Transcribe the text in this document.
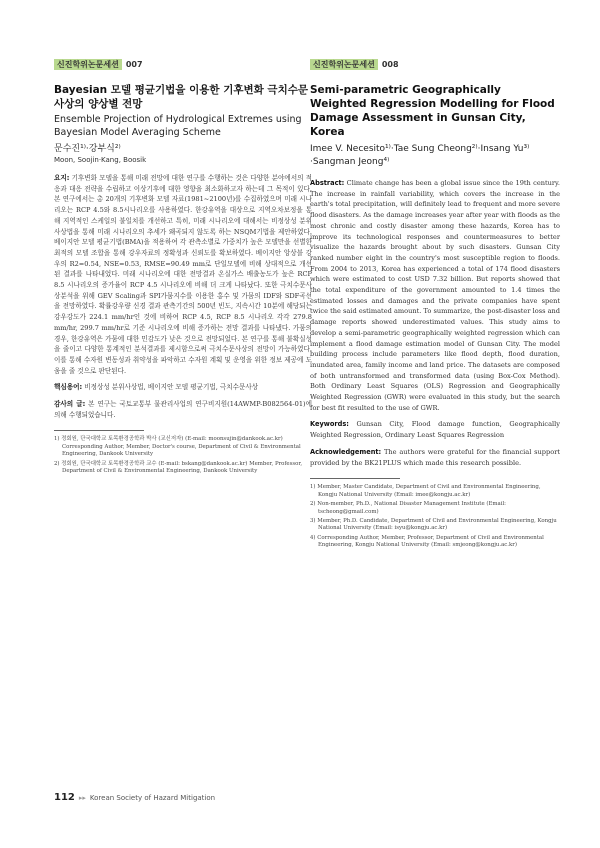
신진학위논문세션 007
Bayesian 모델 평균기법을 이용한 기후변화 극치수문사상의 양상별 전망
Ensemble Projection of Hydrological Extremes using Bayesian Model Averaging Scheme
문수진¹⁾·강부식²⁾
Moon, Soojin·Kang, Boosik

요지: 기후변화 모델을 통해 미래 전망에 대한 연구를 수행하는 것은 다양한 분야에서의 적응과 대응 전략을 수립하고 이상기후에 대한 영향을 최소화하고자 하는데 그 목적이 있다. 본 연구에서는 총 20개의 기후변화 모델 자료(1981~2100년)를 수집하였으며 미래 시나리오는 RCP 4.5와 8.5시나리오를 사용하였다. 한강유역을 대상으로 지역오차보정을 통해 지역적인 스케일의 불일치를 개선하고 특히, 미래 시나리오에 대해서는 비정상성 분위사상법을 통해 미래 시나리오의 추세가 왜곡되지 않도록 하는 NSQM기법을 제안하였다. 베이지안 모델 평균기법(BMA)을 적용하여 각 관측소별로 가중치가 높은 모델만을 선별한 최적의 모델 조합을 통해 강우자료의 정확성과 신뢰도를 확보하였다. 베이지안 앙상블 강우의 R2=0.54, NSE=0.53, RMSE=90.49 mm로 단일모델에 비해 상대적으로 개선된 결과를 나타내었다. 미래 시나리오에 대한 전망결과 온실가스 배출농도가 높은 RCP 8.5 시나리오의 증가율이 RCP 4.5 시나리오에 비해 더 크게 나타났다. 또한 극치수문사상분석을 위해 GEV Scaling과 SPI가뭄지수를 이용한 홍수 및 가뭄의 IDF와 SDF곡선을 전망하였다. 확률강우량 신경 결과 관측기간의 500년 빈도, 지속시간 10분에 해당되는 강우강도가 224.1 mm/hr인 것에 비하여 RCP 4.5, RCP 8.5 시나리오 각각 279.8 mm/hr, 299.7 mm/hr로 기준 시나리오에 비해 증가하는 전망 결과를 나타냈다. 가뭄의 경우, 한강유역은 가뭄에 대한 민감도가 낮은 것으로 전망되었다. 본 연구를 통해 불확실성을 줄이고 다양한 통계적인 분석결과를 제시함으로써 극치수문사상의 전망이 가능하였다. 이를 통해 수자원 변동성과 취약성을 파악하고 수자원 계획 및 운영을 위한 정보 제공에 도움을 줄 것으로 판단된다.

핵심용어: 비정상성 분위사상법, 베이지안 모델 평균기법, 극치수문사상

감사의 글: 본 연구는 국토교통부 물관리사업의 연구비지원(14AWMP-B082564-01)에 의해 수행되었습니다.

1) 정회원, 단국대학교 토목환경공학과 박사 (교신저자) (E-mail: moonsujin@dankook.ac.kr) Corresponding Author, Member, Doctor's course, Department of Civil & Environmental Engineering, Dankook University

2) 정회원, 단국대학교 토목환경공학과 교수 (E-mail: bskang@dankook.ac.kr) Member, Professor, Department of Civil & Environmental Engineering, Dankook University

신진학위논문세션 008
Semi-parametric Geographically Weighted Regression Modelling for Flood Damage Assessment in Gunsan City, Korea
Imee V. Necesito¹⁾·Tae Sung Cheong²⁾·Insang Yu³⁾·Sangman Jeong⁴⁾

Abstract: Climate change has been a global issue since the 19th century. The increase in rainfall variability, which covers the increase in the earth's total precipitation, will definitely lead to frequent and more severe flood disasters. As the damage increases year after year with floods as the most chronic and costly disaster among these hazards, Korea has to improve its technological responses and countermeasures to better visualize the hazards brought about by such disasters. Gunsan City ranked number eight in the country's most susceptible region to floods. From 2004 to 2013, Korea has experienced a total of 174 flood disasters which were estimated to cost USD 7.32 billion. But reports showed that the total expenditure of the government amounted to 1.4 times the estimated losses and damages and the private companies have spent twice the said estimated amount. To summarize, the post-disaster loss and damage reports showed underestimated values. This study aims to develop a semi-parametric geographically weighted regression which can implement a flood damage estimation model of Gunsan City. The model building process include parameters like flood depth, flood duration, inundated area, family income and land price. The datasets are composed of both untransformed and transformed data (using Box-Cox Method). Both Ordinary Least Squares (OLS) Regression and Geographically Weighted Regression (GWR) were evaluated in this study, but the search for best fit resulted to the use of GWR.

Keywords: Gunsan City, Flood damage function, Geographically Weighted Regression, Ordinary Least Squares Regression

Acknowledgement: The authors were grateful for the financial support provided by the BK21PLUS which made this research possible.

1) Member, Master Candidate, Department of Civil and Environmental Engineering, Kongju National University (Email: imee@kongju.ac.kr)

2) Non-member, Ph.D., National Disaster Management Institute (Email: tscheong@gmail.com)

3) Member, Ph.D. Candidate, Department of Civil and Environmental Engineering, Kongju National University (Email: isyu@kongju.ac.kr)

4) Corresponding Author, Member, Professor, Department of Civil and Environmental Engineering, Kongju National University (Email: smjeong@kongju.ac.kr)

112 ▸▸ Korean Society of Hazard Mitigation
